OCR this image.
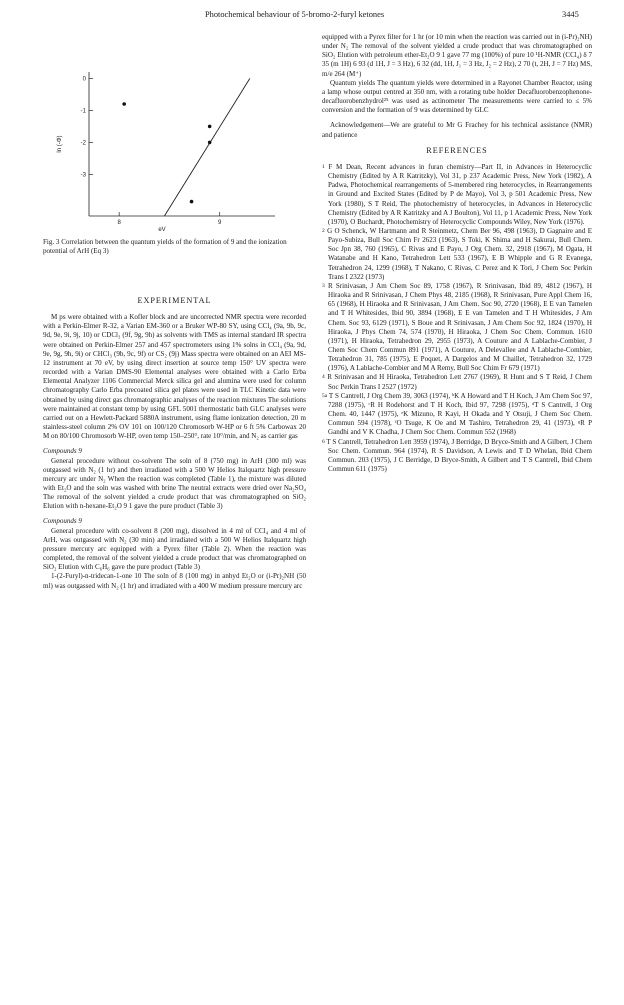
Photochemical behaviour of 5-bromo-2-furyl ketones	3445
0
-1
-2
-3
8	9
eV
ln (-Φ)

Fig. 3 Correlation between the quantum yields of the formation of 9 and the ionization potential of ArH (Eq 3)

EXPERIMENTAL

M ps were obtained with a Kofler block and are uncorrected NMR spectra were recorded with a Perkin-Elmer R-32, a Varian EM-360 or a Bruker WP-80 SY, using CCl₄ (9a, 9b, 9c, 9d, 9e, 9i, 9j, 10) or CDCl₃ (9f, 9g, 9h) as solvents with TMS as internal standard IR spectra were obtained on Perkin-Elmer 257 and 457 spectrometers using 1% solns in CCl₄ (9a, 9d, 9e, 9g, 9h, 9i) or CHCl₃ (9b, 9c, 9f) or CS₂ (9j) Mass spectra were obtained on an AEI MS-12 instrument at 70 eV, by using direct insertion at source temp 150° UV spectra were recorded with a Varian DMS-90 Elemental analyses were obtained with a Carlo Erba Elemental Analyzer 1106 Commercial Merck silica gel and alumina were used for column chromatography Carlo Erba precoated silica gel plates were used in TLC Kinetic data were obtained by using direct gas chromatographic analyses of the reaction mixtures The solutions were maintained at constant temp by using GFL 5001 thermostatic bath GLC analyses were carried out on a Hewlett-Packard 5880A instrument, using flame ionization detection, 20 m stainless-steel column 2% OV 101 on 100/120 Chromosorb W-HP or 6 ft 5% Carbowax 20 M on 80/100 Chromosorb W-HP, oven temp 150–250°, rate 10°/min, and N₂ as carrier gas

Compounds 9

General procedure without co-solvent The soln of 8 (750 mg) in ArH (300 ml) was outgassed with N₂ (1 hr) and then irradiated with a 500 W Helios Italquartz high pressure mercury arc under N₂ When the reaction was completed (Table 1), the mixture was diluted with Et₂O and the soln was washed with brine The neutral extracts were dried over Na₂SO₄ The removal of the solvent yielded a crude product that was chromatographed on SiO₂ Elution with n-hexane-Et₂O 9 1 gave the pure product (Table 3)

Compounds 9

General procedure with co-solvent 8 (200 mg), dissolved in 4 ml of CCl₄ and 4 ml of ArH, was outgassed with N₂ (30 min) and irradiated with a 500 W Helios Italquartz high pressure mercury arc equipped with a Pyrex filter (Table 2). When the reaction was completed, the removal of the solvent yielded a crude product that was chromatographed on SiO₂ Elution with C₆H₆ gave the pure product (Table 3)

1-(2-Furyl)-n-tridecan-1-one 10 The soln of 8 (100 mg) in anhyd Et₂O or (i-Pr)₂NH (50 ml) was outgassed with N₂ (1 hr) and irradiated with a 400 W medium pressure mercury arc

equipped with a Pyrex filter for 1 hr (or 10 min when the reaction was carried out in (i-Pr)₂NH) under N₂ The removal of the solvent yielded a crude product that was chromatographed on SiO₂ Elution with petroleum ether-Et₂O 9 1 gave 77 mg (100%) of pure 10 ¹H-NMR (CCl₄) δ 7 35 (m 1H) 6 93 (d 1H, J = 3 Hz), 6 32 (dd, 1H, J₁ = 3 Hz, J₂ = 2 Hz), 2 70 (t, 2H, J = 7 Hz) MS, m/e 264 (M⁺)

Quantum yields The quantum yields were determined in a Rayonet Chamber Reactor, using a lamp whose output centred at 350 nm, with a rotating tube holder Decafluorobenzophenone-decafluorobenzhydrol²⁵ was used as actinometer The measurements were carried to ≤ 5% conversion and the formation of 9 was determined by GLC

Acknowledgement—We are grateful to Mr G Frachey for his technical assistance (NMR) and patience

REFERENCES

$^1$ F M Dean, Recent advances in furan chemistry—Part II, in Advances in Heterocyclic Chemistry (Edited by A R Katritzky), Vol 31, p 237 Academic Press, New York (1982), A Padwa, Photochemical rearrangements of 5-membered ring heterocycles, in Rearrangements in Ground and Excited States (Edited by P de Mayo), Vol 3, p 501 Academic Press, New York (1980), S T Reid, The photochemistry of heterocycles, in Advances in Heterocyclic Chemistry (Edited by A R Katritzky and A J Boulton), Vol 11, p 1 Academic Press, New York (1970), O Buchardt, Photochemistry of Heterocyclic Compounds Wiley, New York (1976).

$^2$ G O Schenck, W Hartmann and R Steinmetz, Chem Ber 96, 498 (1963), D Gagnaire and E Payo-Subiza, Bull Soc Chim Fr 2623 (1963), S Toki, K Shima and H Sakurai, Bull Chem. Soc Jpn 38, 760 (1965), C Rivas and E Payo, J Org Chem. 32, 2918 (1967), M Ogata, H Watanabe and H Kano, Tetrahedron Lett 533 (1967), E B Whipple and G R Evanega, Tetrahedron 24, 1299 (1968), T Nakano, C Rivas, C Perez and K Tori, J Chem Soc Perkin Trans I 2322 (1973)

$^3$ R Srinivasan, J Am Chem Soc 89, 1758 (1967), R Srinivasan, Ibid 89, 4812 (1967), H Hiraoka and R Srinivasan, J Chem Phys 48, 2185 (1968), R Srinivasan, Pure Appl Chem 16, 65 (1968), H Hiraoka and R Srinivasan, J Am Chem. Soc 90, 2720 (1968), E E van Tamelen and T H Whitesides, Ibid 90, 3894 (1968), E E van Tamelen and T H Whitesides, J Am Chem. Soc 93, 6129 (1971), S Boue and R Srinivasan, J Am Chem Soc 92, 1824 (1970), H Hiraoka, J Phys Chem 74, 574 (1970), H Hiraoka, J Chem Soc Chem. Commun. 1610 (1971), H Hiraoka, Tetrahedron 29, 2955 (1973), A Couture and A Lablache-Combier, J Chem Soc Chem Commun 891 (1971), A Couture, A Delevallee and A Lablache-Combier, Tetrahedron 31, 785 (1975), E Poquet, A Dargelos and M Chaillet, Tetrahedron 32, 1729 (1976), A Lablache-Combier and M A Remy, Bull Soc Chim Fr 679 (1971)

$^4$ R Srinivasan and H Hiraoka, Tetrahedron Lett 2767 (1969), R Hunt and S T Reid, J Chem Soc Perkin Trans I 2527 (1972)

$^{5a}$ T S Cantrell, J Org Chem 39, 3063 (1974), ᵇK A Howard and T H Koch, J Am Chem Soc 97, 7288 (1975), ᶜR H Rodehorst and T H Koch, Ibid 97, 7298 (1975), ᵈT S Cantrell, J Org Chem. 40, 1447 (1975), ᵉK Mizuno, R Kayi, H Okada and Y Otsuji, J Chem Soc Chem. Commun 594 (1978), ᶠO Tsuge, K Oe and M Tashiro, Tetrahedron 29, 41 (1973), ᵍR P Gandhi and V K Chadha, J Chem Soc Chem. Commun 552 (1968)

$^6$ T S Cantrell, Tetrahedron Lett 3959 (1974), J Berridge, D Bryce-Smith and A Gilbert, J Chem Soc Chem. Commun. 964 (1974), R S Davidson, A Lewis and T D Whelan, Ibid Chem Commun. 203 (1975), J C Berridge, D Bryce-Smith, A Gilbert and T S Cantrell, Ibid Chem Commun 611 (1975)
